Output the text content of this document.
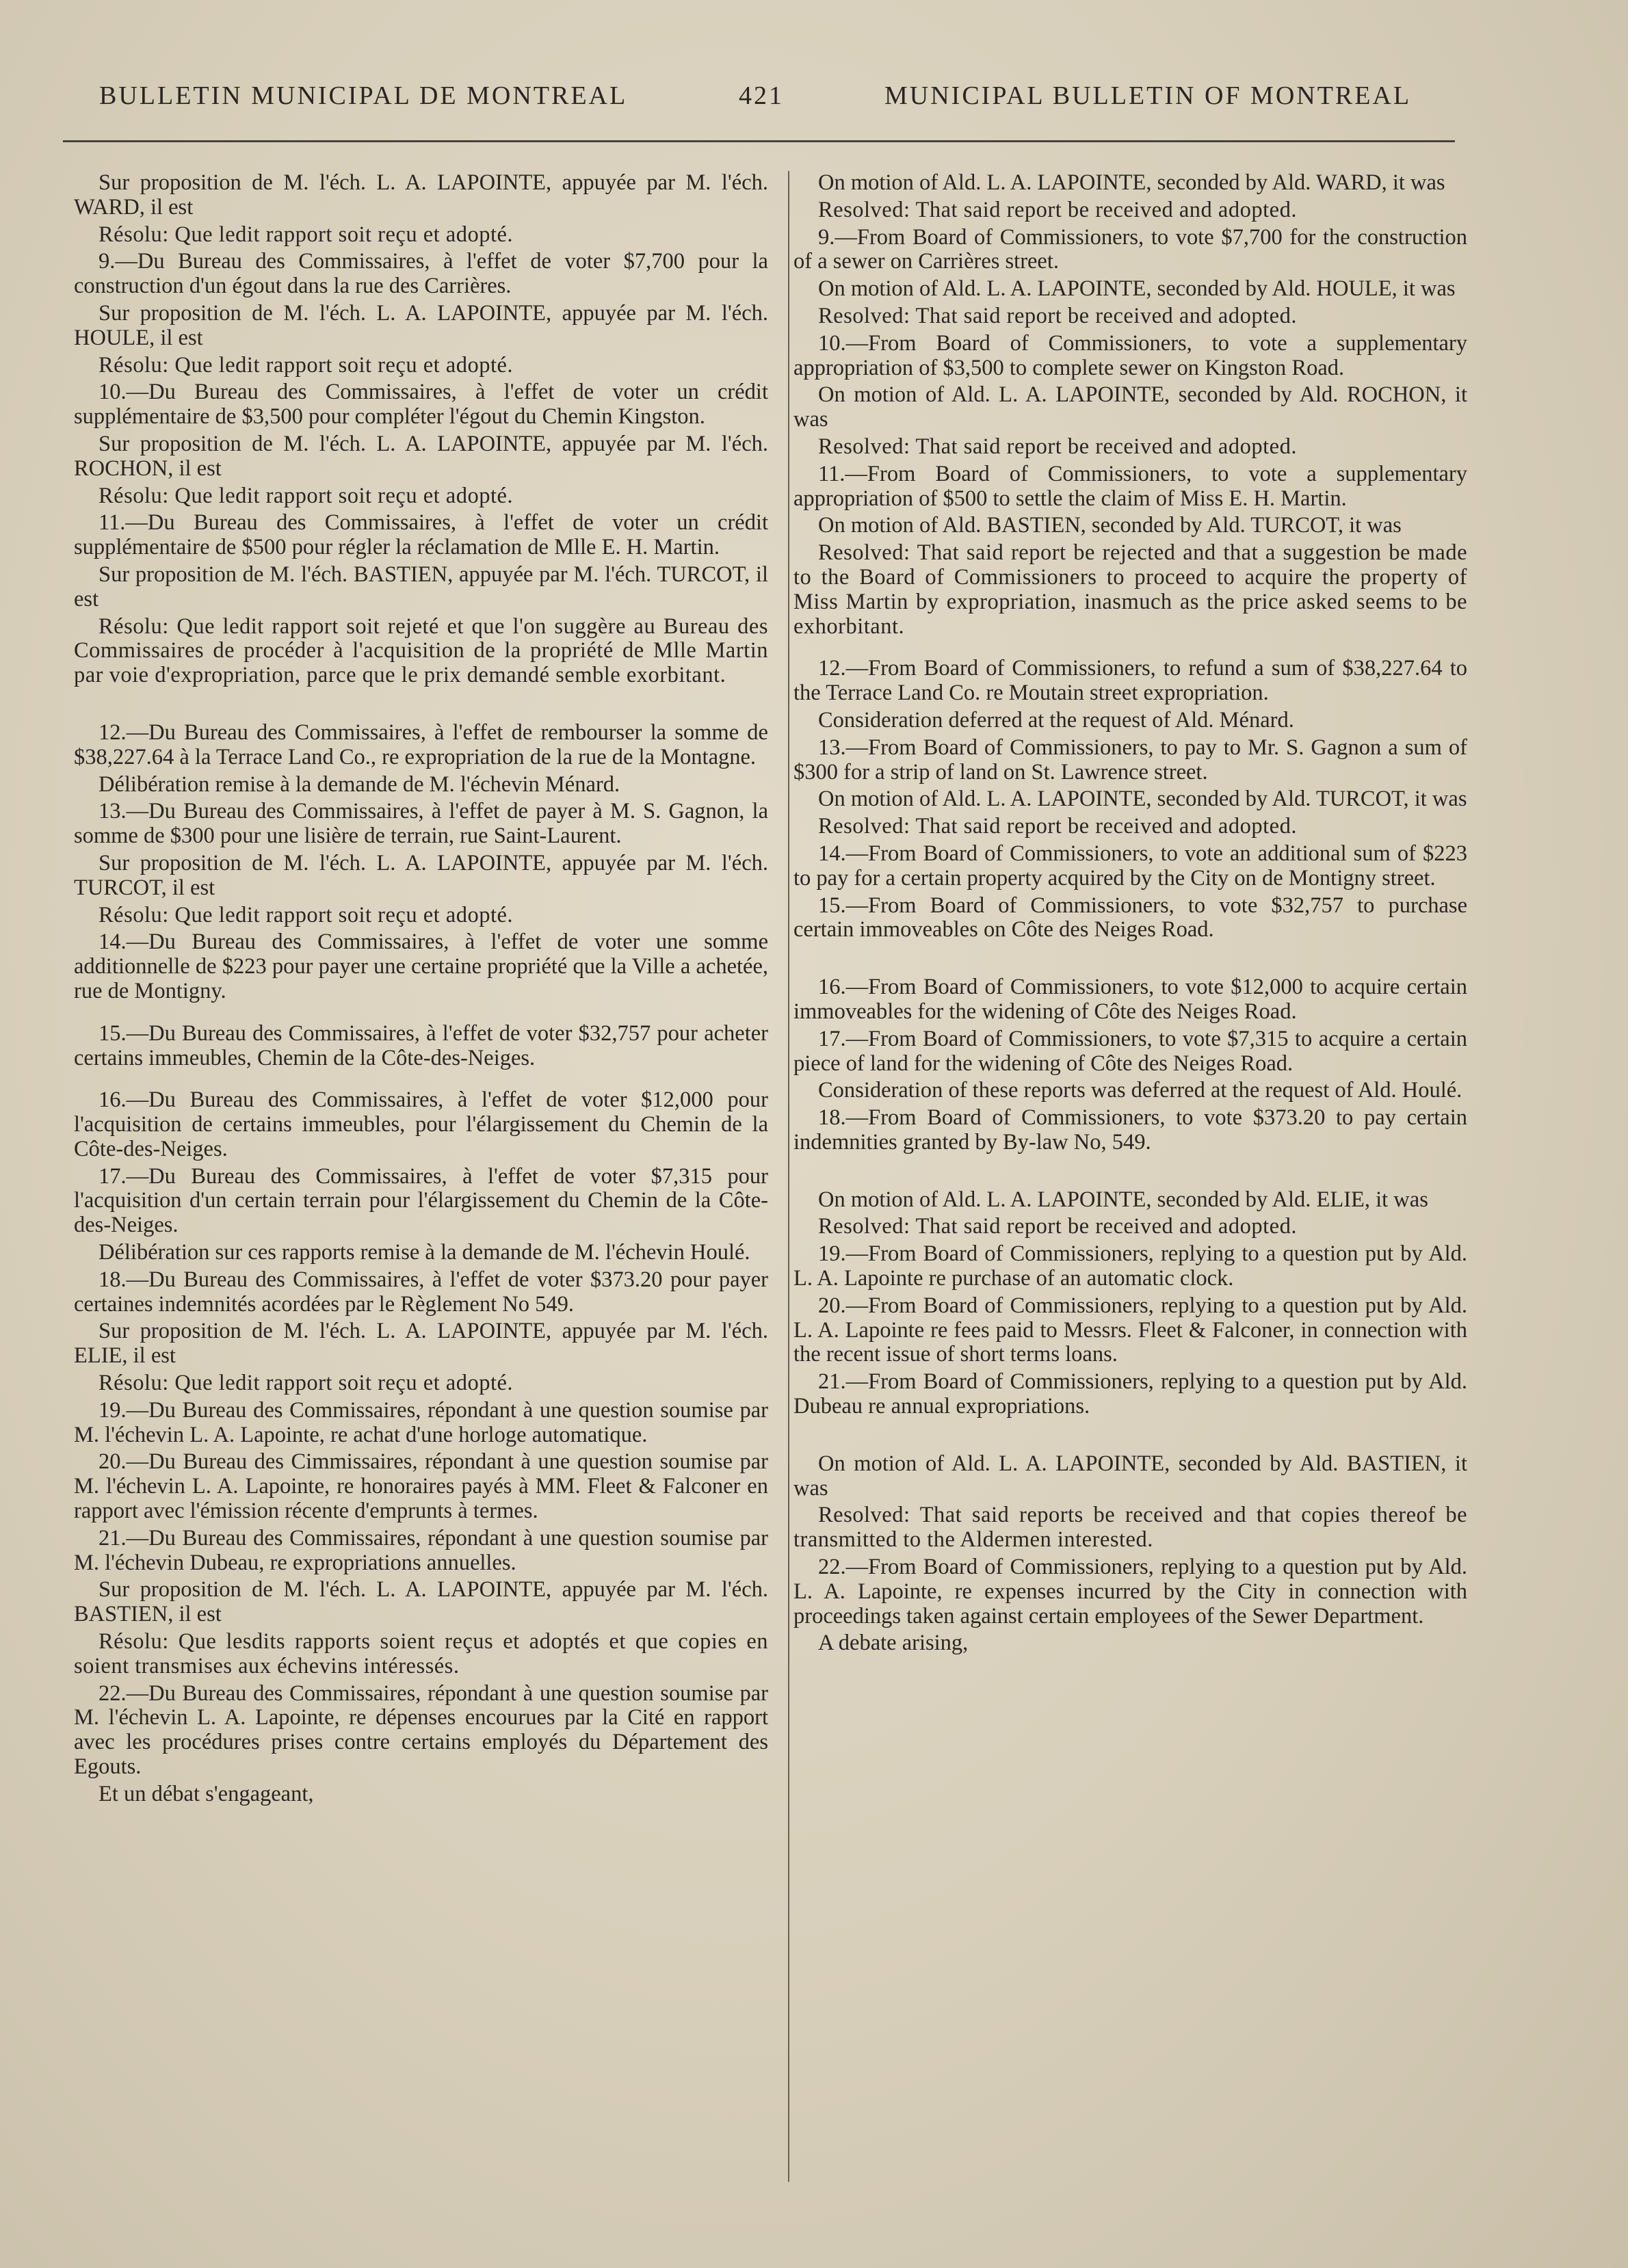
BULLETIN MUNICIPAL DE MONTREAL	421	MUNICIPAL BULLETIN OF MONTREAL

Sur proposition de M. l'éch. L. A. LAPOINTE, appuyée par M. l'éch. WARD, il est

Résolu: Que ledit rapport soit reçu et adopté.

9.—Du Bureau des Commissaires, à l'effet de voter $7,700 pour la construction d'un égout dans la rue des Carrières.

Sur proposition de M. l'éch. L. A. LAPOINTE, appuyée par M. l'éch. HOULE, il est

Résolu: Que ledit rapport soit reçu et adopté.

10.—Du Bureau des Commissaires, à l'effet de voter un crédit supplémentaire de $3,500 pour compléter l'égout du Chemin Kingston.

Sur proposition de M. l'éch. L. A. LAPOINTE, appuyée par M. l'éch. ROCHON, il est

Résolu: Que ledit rapport soit reçu et adopté.

11.—Du Bureau des Commissaires, à l'effet de voter un crédit supplémentaire de $500 pour régler la réclamation de Mlle E. H. Martin.

Sur proposition de M. l'éch. BASTIEN, appuyée par M. l'éch. TURCOT, il est

Résolu: Que ledit rapport soit rejeté et que l'on suggère au Bureau des Commissaires de procéder à l'acquisition de la propriété de Mlle Martin par voie d'expropriation, parce que le prix demandé semble exorbitant.

12.—Du Bureau des Commissaires, à l'effet de rembourser la somme de $38,227.64 à la Terrace Land Co., re expropriation de la rue de la Montagne.

Délibération remise à la demande de M. l'échevin Ménard.

13.—Du Bureau des Commissaires, à l'effet de payer à M. S. Gagnon, la somme de $300 pour une lisière de terrain, rue Saint-Laurent.

Sur proposition de M. l'éch. L. A. LAPOINTE, appuyée par M. l'éch. TURCOT, il est

Résolu: Que ledit rapport soit reçu et adopté.

14.—Du Bureau des Commissaires, à l'effet de voter une somme additionnelle de $223 pour payer une certaine propriété que la Ville a achetée, rue de Montigny.

15.—Du Bureau des Commissaires, à l'effet de voter $32,757 pour acheter certains immeubles, Chemin de la Côte-des-Neiges.

16.—Du Bureau des Commissaires, à l'effet de voter $12,000 pour l'acquisition de certains immeubles, pour l'élargissement du Chemin de la Côte-des-Neiges.

17.—Du Bureau des Commissaires, à l'effet de voter $7,315 pour l'acquisition d'un certain terrain pour l'élargissement du Chemin de la Côte-des-Neiges.

Délibération sur ces rapports remise à la demande de M. l'échevin Houlé.

18.—Du Bureau des Commissaires, à l'effet de voter $373.20 pour payer certaines indemnités acordées par le Règlement No 549.

Sur proposition de M. l'éch. L. A. LAPOINTE, appuyée par M. l'éch. ELIE, il est

Résolu: Que ledit rapport soit reçu et adopté.

19.—Du Bureau des Commissaires, répondant à une question soumise par M. l'échevin L. A. Lapointe, re achat d'une horloge automatique.

20.—Du Bureau des Cimmissaires, répondant à une question soumise par M. l'échevin L. A. Lapointe, re honoraires payés à MM. Fleet & Falconer en rapport avec l'émission récente d'emprunts à termes.

21.—Du Bureau des Commissaires, répondant à une question soumise par M. l'échevin Dubeau, re expropriations annuelles.

Sur proposition de M. l'éch. L. A. LAPOINTE, appuyée par M. l'éch. BASTIEN, il est

Résolu: Que lesdits rapports soient reçus et adoptés et que copies en soient transmises aux échevins intéressés.

22.—Du Bureau des Commissaires, répondant à une question soumise par M. l'échevin L. A. Lapointe, re dépenses encourues par la Cité en rapport avec les procédures prises contre certains employés du Département des Egouts.

Et un débat s'engageant,

On motion of Ald. L. A. LAPOINTE, seconded by Ald. WARD, it was

Resolved: That said report be received and adopted.

9.—From Board of Commissioners, to vote $7,700 for the construction of a sewer on Carrières street.

On motion of Ald. L. A. LAPOINTE, seconded by Ald. HOULE, it was

Resolved: That said report be received and adopted.

10.—From Board of Commissioners, to vote a supplementary appropriation of $3,500 to complete sewer on Kingston Road.

On motion of Ald. L. A. LAPOINTE, seconded by Ald. ROCHON, it was

Resolved: That said report be received and adopted.

11.—From Board of Commissioners, to vote a supplementary appropriation of $500 to settle the claim of Miss E. H. Martin.

On motion of Ald. BASTIEN, seconded by Ald. TURCOT, it was

Resolved: That said report be rejected and that a suggestion be made to the Board of Commissioners to proceed to acquire the property of Miss Martin by expropriation, inasmuch as the price asked seems to be exhorbitant.

12.—From Board of Commissioners, to refund a sum of $38,227.64 to the Terrace Land Co. re Moutain street expropriation.

Consideration deferred at the request of Ald. Ménard.

13.—From Board of Commissioners, to pay to Mr. S. Gagnon a sum of $300 for a strip of land on St. Lawrence street.

On motion of Ald. L. A. LAPOINTE, seconded by Ald. TURCOT, it was

Resolved: That said report be received and adopted.

14.—From Board of Commissioners, to vote an additional sum of $223 to pay for a certain property acquired by the City on de Montigny street.

15.—From Board of Commissioners, to vote $32,757 to purchase certain immoveables on Côte des Neiges Road.

16.—From Board of Commissioners, to vote $12,000 to acquire certain immoveables for the widening of Côte des Neiges Road.

17.—From Board of Commissioners, to vote $7,315 to acquire a certain piece of land for the widening of Côte des Neiges Road.

Consideration of these reports was deferred at the request of Ald. Houlé.

18.—From Board of Commissioners, to vote $373.20 to pay certain indemnities granted by By-law No, 549.

On motion of Ald. L. A. LAPOINTE, seconded by Ald. ELIE, it was

Resolved: That said report be received and adopted.

19.—From Board of Commissioners, replying to a question put by Ald. L. A. Lapointe re purchase of an automatic clock.

20.—From Board of Commissioners, replying to a question put by Ald. L. A. Lapointe re fees paid to Messrs. Fleet & Falconer, in connection with the recent issue of short terms loans.

21.—From Board of Commissioners, replying to a question put by Ald. Dubeau re annual expropriations.

On motion of Ald. L. A. LAPOINTE, seconded by Ald. BASTIEN, it was

Resolved: That said reports be received and that copies thereof be transmitted to the Aldermen interested.

22.—From Board of Commissioners, replying to a question put by Ald. L. A. Lapointe, re expenses incurred by the City in connection with proceedings taken against certain employees of the Sewer Department.

A debate arising,
